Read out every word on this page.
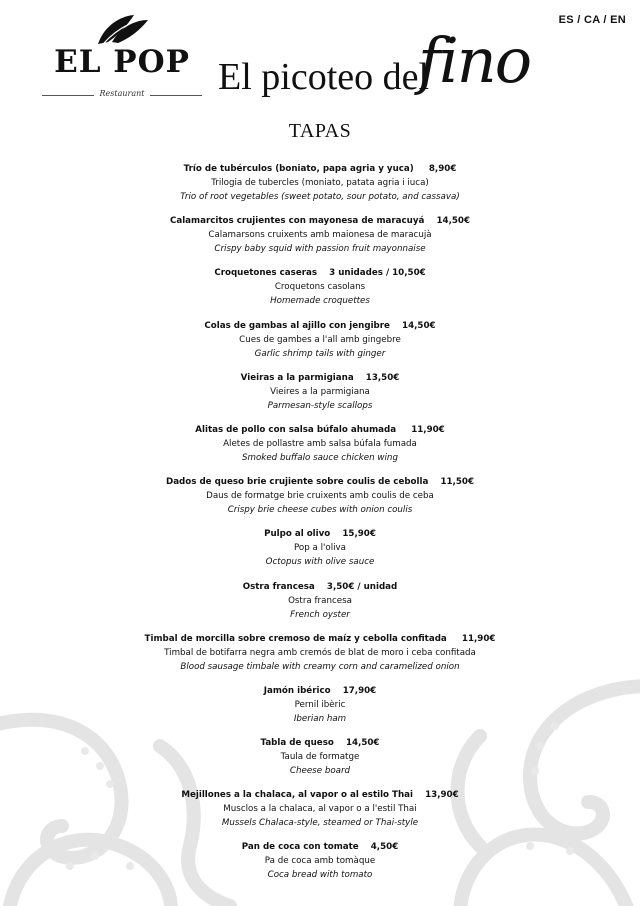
ES / CA / EN
EL POP
Restaurant El picoteo del
fino
TAPAS
Trío de tubérculos (boniato, papa agria y yuca) 8,90€
Trilogia de tubercles (moniato, patata agria i iuca)
Trio of root vegetables (sweet potato, sour potato, and cassava)
Calamarcitos crujientes con mayonesa de maracuyá 14,50€
Calamarsons cruixents amb maionesa de maracujà
Crispy baby squid with passion fruit mayonnaise
Croquetones caseras 3 unidades / 10,50€
Croquetons casolans
Homemade croquettes
Colas de gambas al ajillo con jengibre 14,50€
Cues de gambes a l'all amb gingebre
Garlic shrimp tails with ginger
Vieiras a la parmigiana 13,50€
Vieires a la parmigiana
Parmesan-style scallops
Alitas de pollo con salsa búfalo ahumada 11,90€
Aletes de pollastre amb salsa búfala fumada
Smoked buffalo sauce chicken wing
Dados de queso brie crujiente sobre coulis de cebolla 11,50€
Daus de formatge brie cruixents amb coulis de ceba
Crispy brie cheese cubes with onion coulis
Pulpo al olivo 15,90€
Pop a l'oliva
Octopus with olive sauce
Ostra francesa 3,50€ / unidad
Ostra francesa
French oyster
Timbal de morcilla sobre cremoso de maíz y cebolla confitada 11,90€
Timbal de botifarra negra amb cremós de blat de moro i ceba confitada
Blood sausage timbale with creamy corn and caramelized onion
Jamón ibérico 17,90€
Pernil ibèric
Iberian ham
Tabla de queso 14,50€
Taula de formatge
Cheese board
Mejillones a la chalaca, al vapor o al estilo Thai 13,90€
Musclos a la chalaca, al vapor o a l'estil Thai
Mussels Chalaca-style, steamed or Thai-style
Pan de coca con tomate 4,50€
Pa de coca amb tomàque
Coca bread with tomato
